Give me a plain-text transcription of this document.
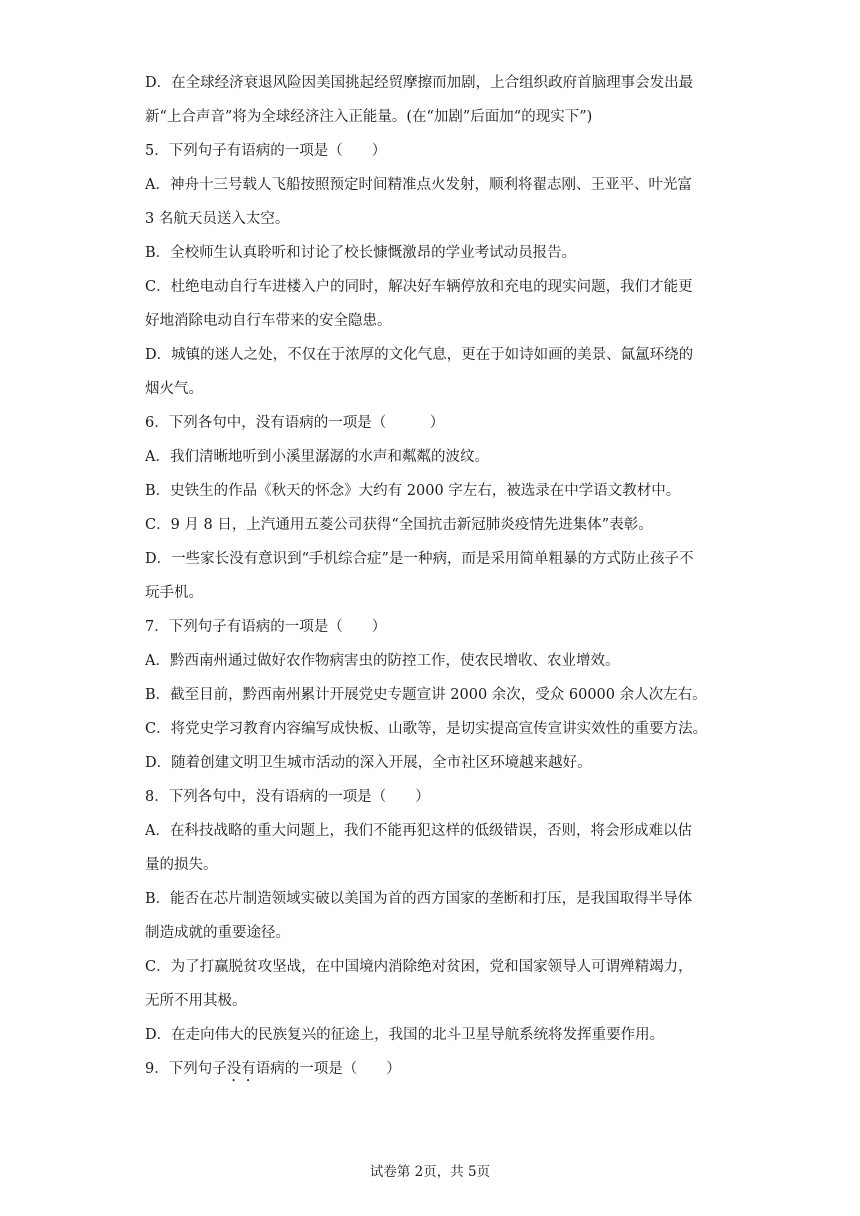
D．在全球经济衰退风险因美国挑起经贸摩擦而加剧，上合组织政府首脑理事会发出最
新“上合声音”将为全球经济注入正能量。(在“加剧”后面加“的现实下”)
5．下列句子有语病的一项是（　　）
A．神舟十三号载人飞船按照预定时间精准点火发射，顺利将翟志刚、王亚平、叶光富
3 名航天员送入太空。
B．全校师生认真聆听和讨论了校长慷慨激昂的学业考试动员报告。
C．杜绝电动自行车进楼入户的同时，解决好车辆停放和充电的现实问题，我们才能更
好地消除电动自行车带来的安全隐患。
D．城镇的迷人之处，不仅在于浓厚的文化气息，更在于如诗如画的美景、氤氲环绕的
烟火气。
6．下列各句中，没有语病的一项是（　　　）
A．我们清晰地听到小溪里潺潺的水声和粼粼的波纹。
B．史铁生的作品《秋天的怀念》大约有 2000 字左右，被选录在中学语文教材中。
C．9 月 8 日，上汽通用五菱公司获得“全国抗击新冠肺炎疫情先进集体”表彰。
D．一些家长没有意识到“手机综合症”是一种病，而是采用简单粗暴的方式防止孩子不
玩手机。
7．下列句子有语病的一项是（　　）
A．黔西南州通过做好农作物病害虫的防控工作，使农民增收、农业增效。
B．截至目前，黔西南州累计开展党史专题宣讲 2000 余次，受众 60000 余人次左右。
C．将党史学习教育内容编写成快板、山歌等，是切实提高宣传宣讲实效性的重要方法。
D．随着创建文明卫生城市活动的深入开展，全市社区环境越来越好。
8．下列各句中，没有语病的一项是（　　）
A．在科技战略的重大问题上，我们不能再犯这样的低级错误，否则，将会形成难以估
量的损失。
B．能否在芯片制造领域实破以美国为首的西方国家的垄断和打压，是我国取得半导体
制造成就的重要途径。
C．为了打赢脱贫攻坚战，在中国境内消除绝对贫困，党和国家领导人可谓殚精竭力，
无所不用其极。
D．在走向伟大的民族复兴的征途上，我国的北斗卫星导航系统将发挥重要作用。
9．下列句子没有语病的一项是（　　）
试卷第 2页，共 5页
